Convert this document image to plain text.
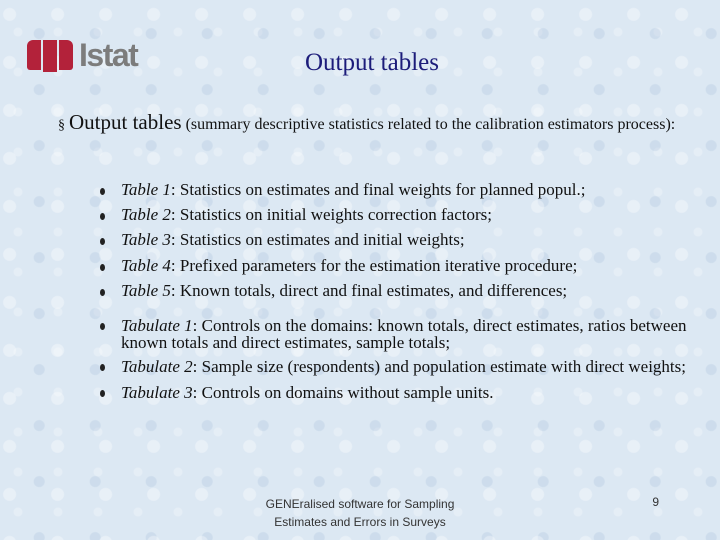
Istat	Output tables
§ Output tables (summary descriptive statistics related to the calibration estimators process):
Table 1: Statistics on estimates and final weights for planned popul.;
Table 2: Statistics on initial weights correction factors;
Table 3: Statistics on estimates and initial weights;
Table 4: Prefixed parameters for the estimation iterative procedure;
Table 5: Known totals, direct and final estimates, and differences;
Tabulate 1: Controls on the domains: known totals, direct estimates, ratios between known totals and direct estimates, sample totals;
Tabulate 2: Sample size (respondents) and population estimate with direct weights;
Tabulate 3: Controls on domains without sample units.
GENEralised software for Sampling
Estimates and Errors in Surveys
9
